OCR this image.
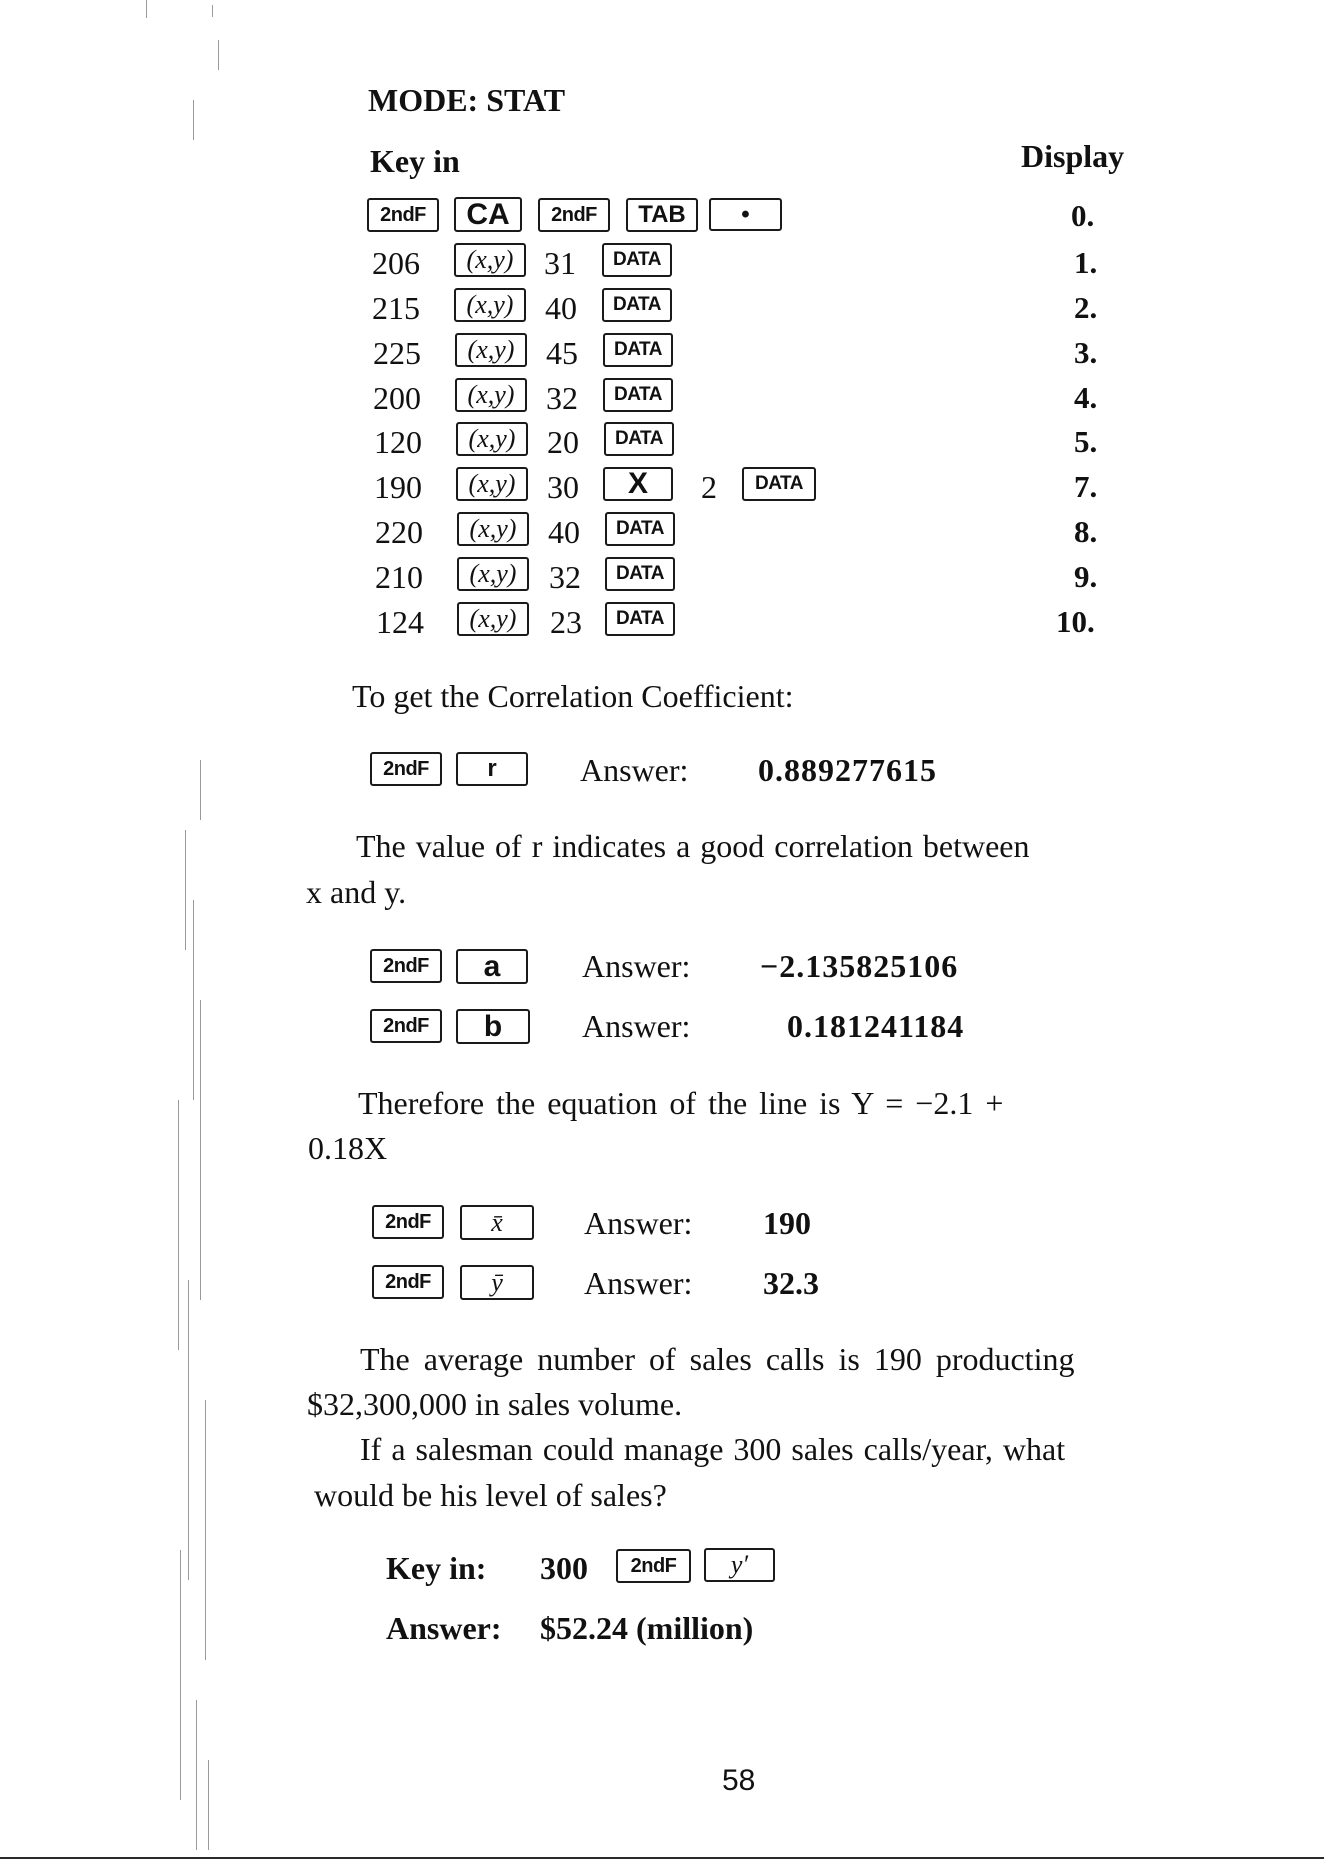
MODE: STAT
Key in	Display
2ndF	CA	2ndF	TAB	•	0.
206	(x,y) 31	DATA	1.
215	(x,y) 40	DATA	2.
225	(x,y) 45	DATA	3.
200	(x,y) 32	DATA	4.
120	(x,y) 20	DATA	5.
190	(x,y) 30	X	2	DATA	7.
220	(x,y) 40	DATA	8.
210	(x,y)	32	DATA	9.
124	(x,y)	23	DATA	10.
To get the Correlation Coefficient:
2ndF	r	Answer: 0.889277615
The value of r indicates a good correlation between
x and y.
2ndF	a	Answer: −2.135825106
2ndF	b	Answer:	0.181241184
Therefore the equation of the line is Y = −2.1 +
0.18X
2ndF	x̄	Answer: 190
2ndF	ȳ	Answer: 32.3
The average number of sales calls is 190 producting
$32,300,000 in sales volume.
If a salesman could manage 300 sales calls/year, what
would be his level of sales?
Key in: 300	2ndF	y′
Answer: $52.24 (million)
58
